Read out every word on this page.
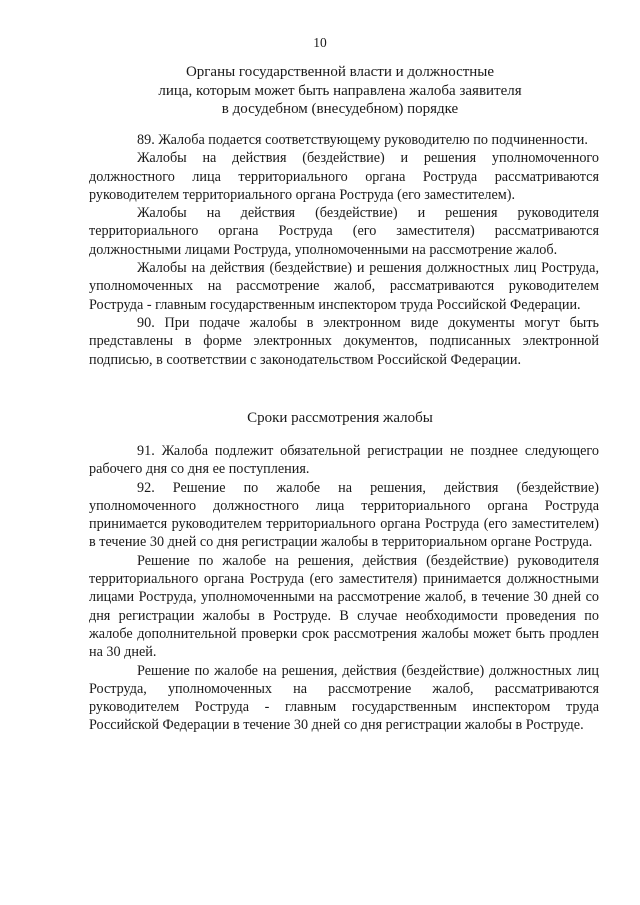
10
Органы государственной власти и должностные
лица, которым может быть направлена жалоба заявителя
в досудебном (внесудебном) порядке

89. Жалоба подается соответствующему руководителю по подчиненности.

Жалобы на действия (бездействие) и решения уполномоченного должностного лица территориального органа Роструда рассматриваются руководителем территориального органа Роструда (его заместителем).

Жалобы на действия (бездействие) и решения руководителя территориального органа Роструда (его заместителя) рассматриваются должностными лицами Роструда, уполномоченными на рассмотрение жалоб.

Жалобы на действия (бездействие) и решения должностных лиц Роструда, уполномоченных на рассмотрение жалоб, рассматриваются руководителем Роструда - главным государственным инспектором труда Российской Федерации.

90. При подаче жалобы в электронном виде документы могут быть представлены в форме электронных документов, подписанных электронной подписью, в соответствии с законодательством Российской Федерации.

Сроки рассмотрения жалобы

91. Жалоба подлежит обязательной регистрации не позднее следующего рабочего дня со дня ее поступления.

92. Решение по жалобе на решения, действия (бездействие) уполномоченного должностного лица территориального органа Роструда принимается руководителем территориального органа Роструда (его заместителем) в течение 30 дней со дня регистрации жалобы в территориальном органе Роструда.

Решение по жалобе на решения, действия (бездействие) руководителя территориального органа Роструда (его заместителя) принимается должностными лицами Роструда, уполномоченными на рассмотрение жалоб, в течение 30 дней со дня регистрации жалобы в Роструде. В случае необходимости проведения по жалобе дополнительной проверки срок рассмотрения жалобы может быть продлен на 30 дней.

Решение по жалобе на решения, действия (бездействие) должностных лиц Роструда, уполномоченных на рассмотрение жалоб, рассматриваются руководителем Роструда - главным государственным инспектором труда Российской Федерации в течение 30 дней со дня регистрации жалобы в Роструде.
